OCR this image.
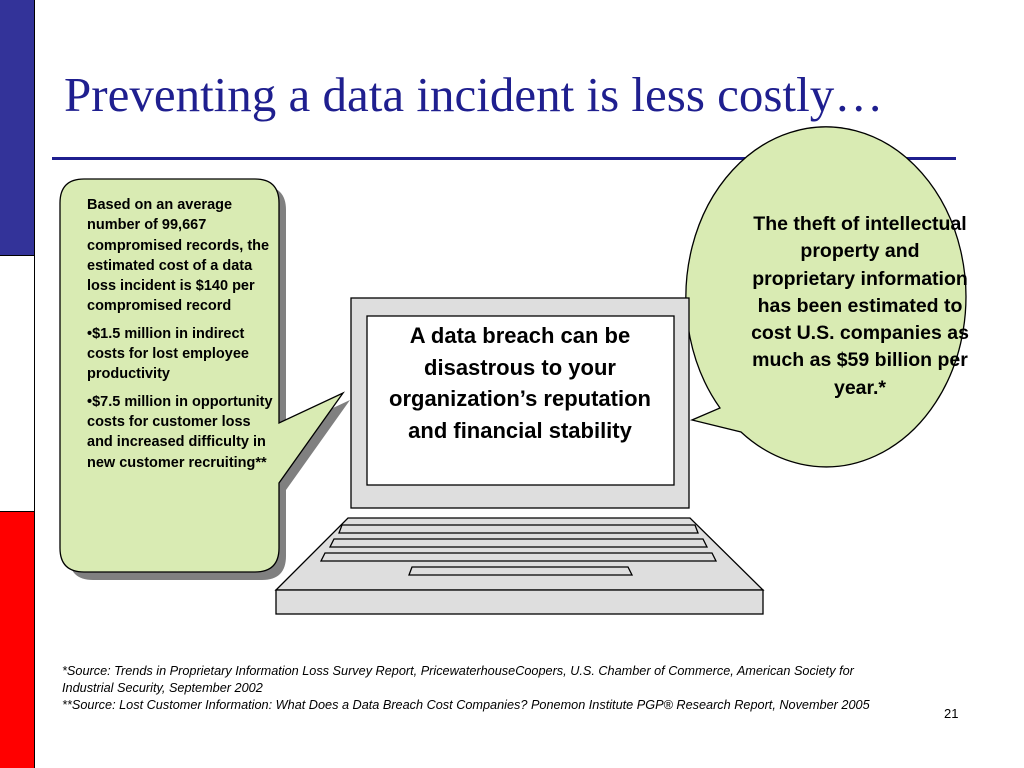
Preventing a data incident is less costly…

Based on an average number of 99,667 compromised records, the estimated cost of a data loss incident is $140 per compromised record

•$1.5 million in indirect costs for lost employee productivity

•$7.5 million in opportunity costs for customer loss and increased difficulty in new customer recruiting**

A data breach can be disastrous to your organization’s reputation and financial stability
The theft of intellectual property and proprietary information has been estimated to cost U.S. companies as much as $59 billion per year.*

*Source: Trends in Proprietary Information Loss Survey Report, PricewaterhouseCoopers, U.S. Chamber of Commerce, American Society for Industrial Security, September 2002

**Source: Lost Customer Information: What Does a Data Breach Cost Companies? Ponemon Institute PGP® Research Report, November 2005

21
